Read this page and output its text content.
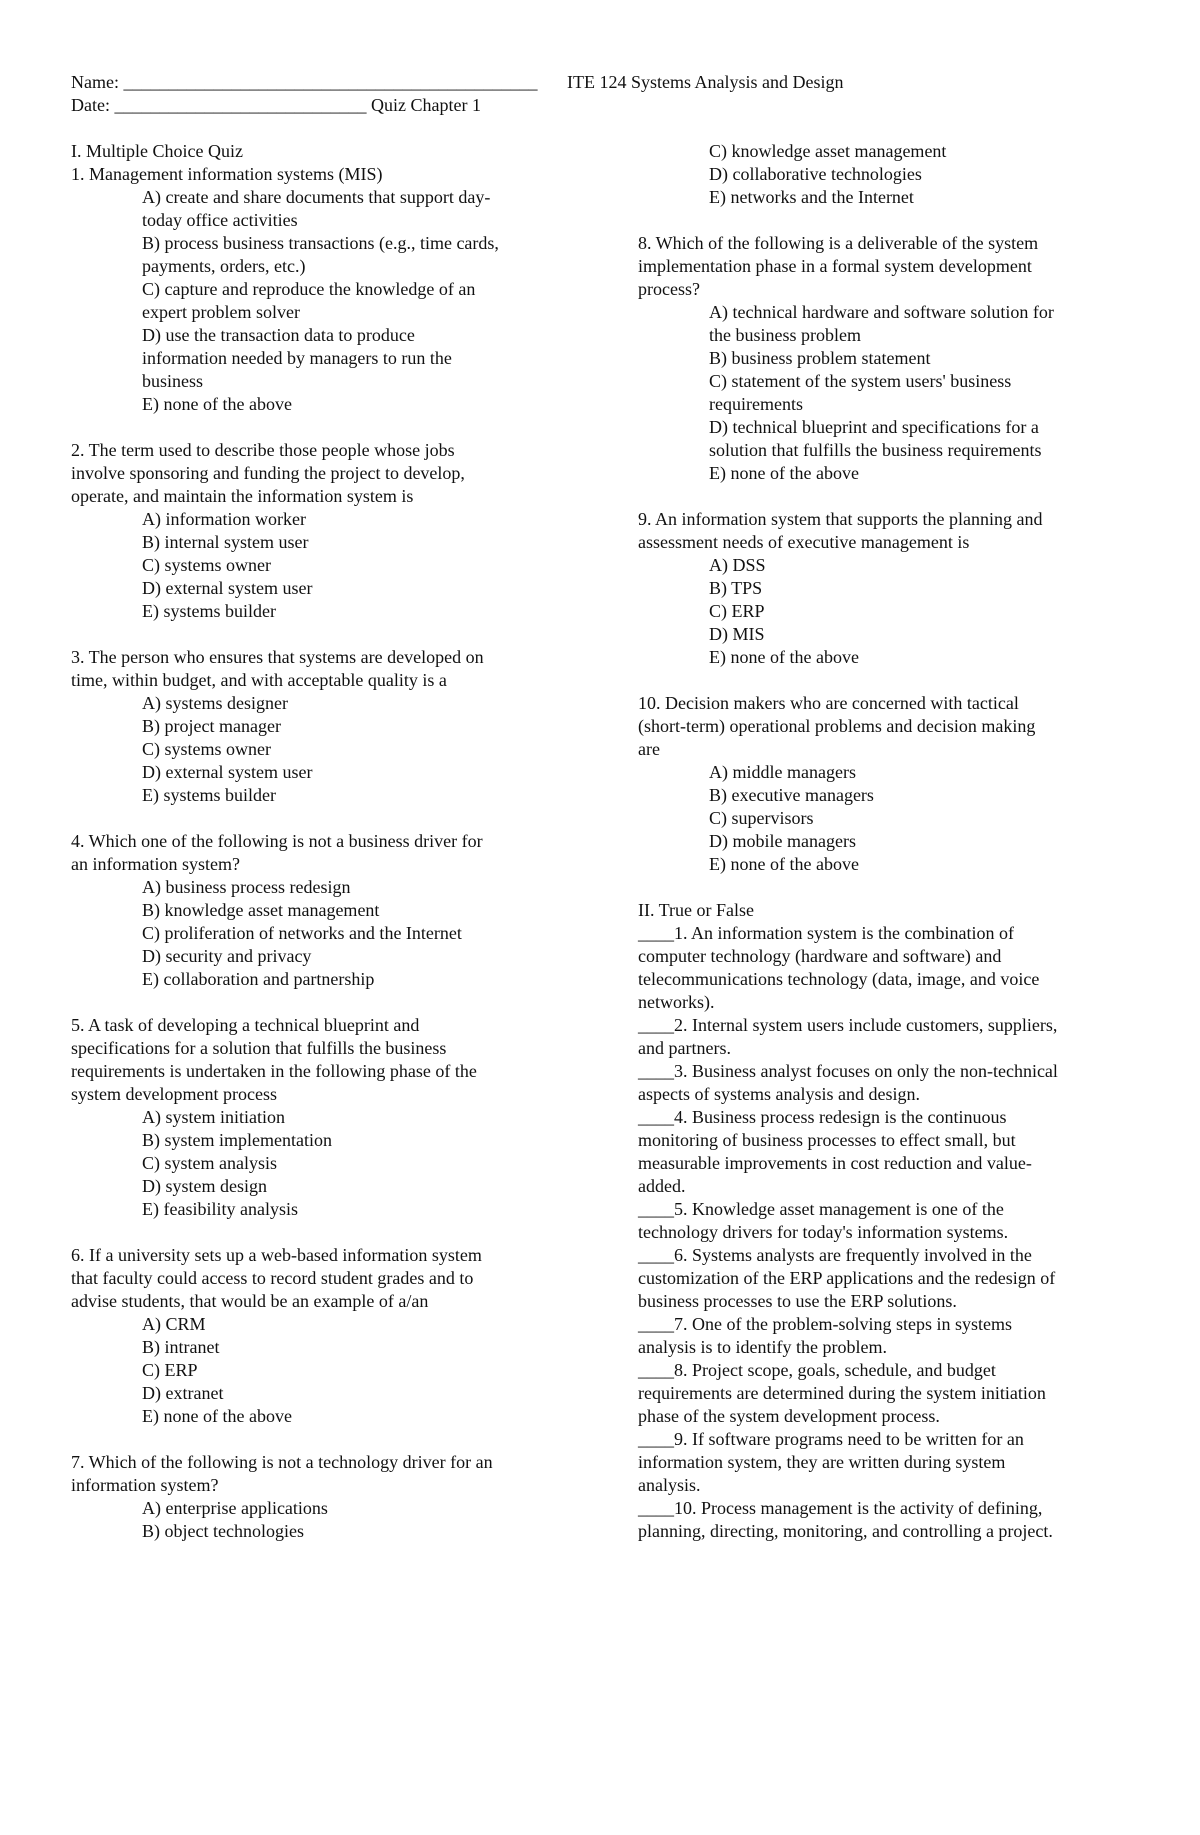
Name: ______________________________________________
Date: ____________________________ Quiz Chapter 1
ITE 124 Systems Analysis and Design
I. Multiple Choice Quiz
1. Management information systems (MIS)
A) create and share documents that support day-
today office activities
B) process business transactions (e.g., time cards,
payments, orders, etc.)
C) capture and reproduce the knowledge of an
expert problem solver
D) use the transaction data to produce
information needed by managers to run the
business
E) none of the above
2. The term used to describe those people whose jobs
involve sponsoring and funding the project to develop,
operate, and maintain the information system is
A) information worker
B) internal system user
C) systems owner
D) external system user
E) systems builder
3. The person who ensures that systems are developed on
time, within budget, and with acceptable quality is a
A) systems designer
B) project manager
C) systems owner
D) external system user
E) systems builder
4. Which one of the following is not a business driver for
an information system?
A) business process redesign
B) knowledge asset management
C) proliferation of networks and the Internet
D) security and privacy
E) collaboration and partnership
5. A task of developing a technical blueprint and
specifications for a solution that fulfills the business
requirements is undertaken in the following phase of the
system development process
A) system initiation
B) system implementation
C) system analysis
D) system design
E) feasibility analysis
6. If a university sets up a web-based information system
that faculty could access to record student grades and to
advise students, that would be an example of a/an
A) CRM
B) intranet
C) ERP
D) extranet
E) none of the above
7. Which of the following is not a technology driver for an
information system?
A) enterprise applications
B) object technologies
C) knowledge asset management
D) collaborative technologies
E) networks and the Internet
8. Which of the following is a deliverable of the system
implementation phase in a formal system development
process?
A) technical hardware and software solution for
the business problem
B) business problem statement
C) statement of the system users' business
requirements
D) technical blueprint and specifications for a
solution that fulfills the business requirements
E) none of the above
9. An information system that supports the planning and
assessment needs of executive management is
A) DSS
B) TPS
C) ERP
D) MIS
E) none of the above
10. Decision makers who are concerned with tactical
(short-term) operational problems and decision making
are
A) middle managers
B) executive managers
C) supervisors
D) mobile managers
E) none of the above
II. True or False
____1. An information system is the combination of
computer technology (hardware and software) and
telecommunications technology (data, image, and voice
networks).
____2. Internal system users include customers, suppliers,
and partners.
____3. Business analyst focuses on only the non-technical
aspects of systems analysis and design.
____4. Business process redesign is the continuous
monitoring of business processes to effect small, but
measurable improvements in cost reduction and value-
added.
____5. Knowledge asset management is one of the
technology drivers for today's information systems.
____6. Systems analysts are frequently involved in the
customization of the ERP applications and the redesign of
business processes to use the ERP solutions.
____7. One of the problem-solving steps in systems
analysis is to identify the problem.
____8. Project scope, goals, schedule, and budget
requirements are determined during the system initiation
phase of the system development process.
____9. If software programs need to be written for an
information system, they are written during system
analysis.
____10. Process management is the activity of defining,
planning, directing, monitoring, and controlling a project.
